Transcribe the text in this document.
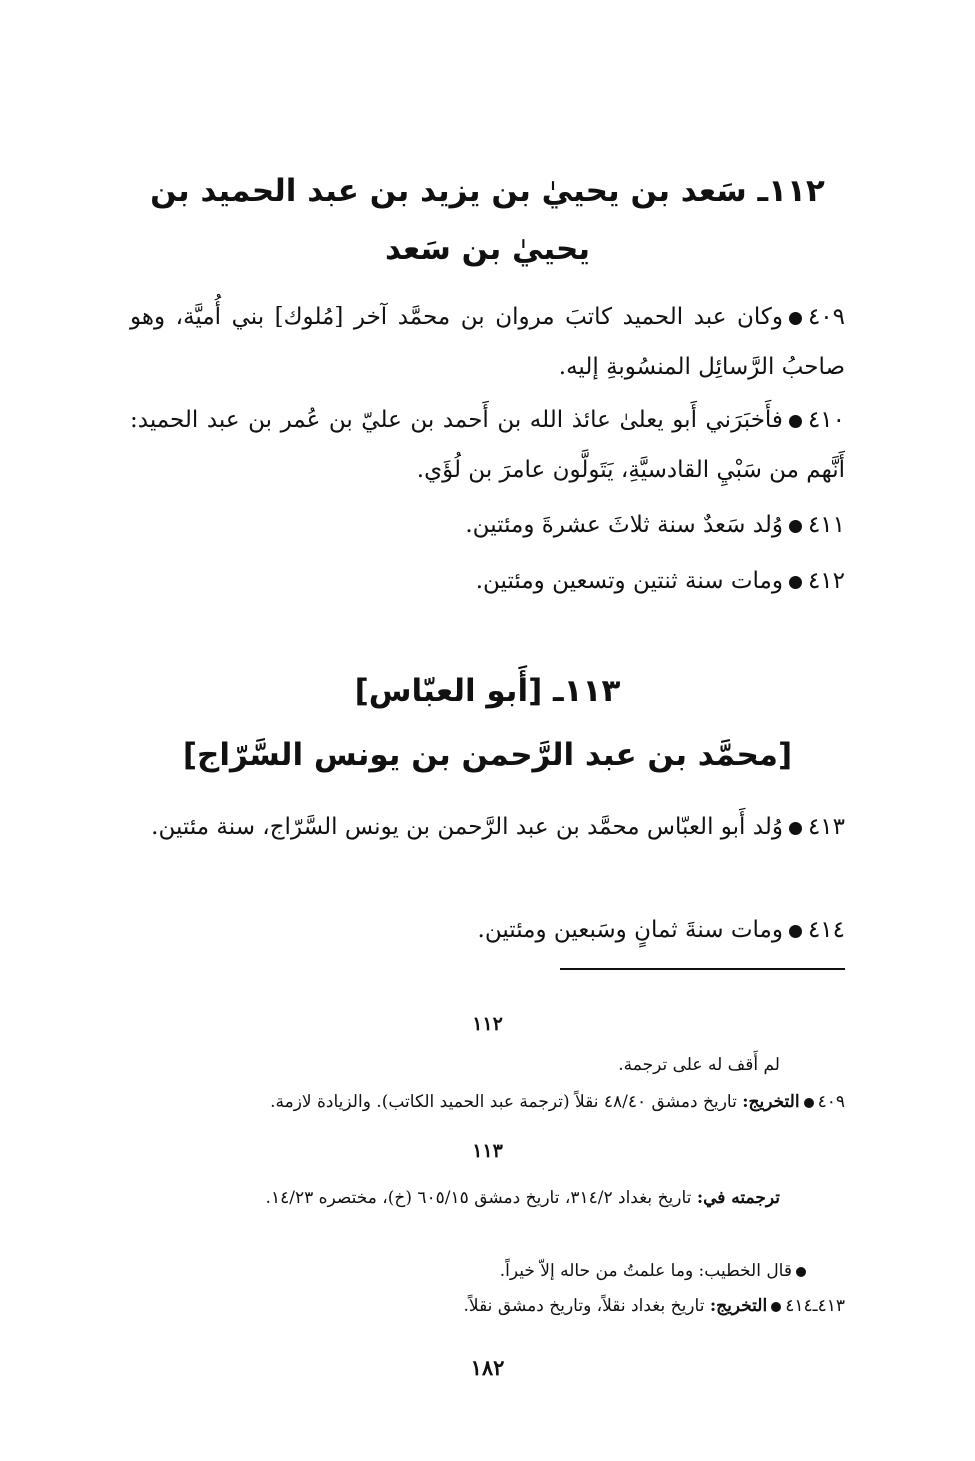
١١٢ـ سَعد بن يحييٰ بن يزيد بن عبد الحميد بن
يحييٰ بن سَعد
٤٠٩وكان عبد الحميد كاتبَ مروان بن محمَّد آخر [مُلوك] بني أُميَّة، وهو صاحبُ الرَّسائِل المنسُوبةِ إليه.
٤١٠فأَخبَرَني أَبو يعلىٰ عائذ الله بن أَحمد بن عليّ بن عُمر بن عبد الحميد: أَنَّهم من سَبْيِ القادسيَّةِ، يَتَولَّون عامرَ بن لُؤَي.
٤١١وُلد سَعدٌ سنة ثلاثَ عشرةَ ومئتين.
٤١٢ومات سنة ثنتين وتسعين ومئتين.
١١٣ـ [أَبو العبّاس]
[محمَّد بن عبد الرَّحمن بن يونس السَّرّاج]
٤١٣وُلد أَبو العبّاس محمَّد بن عبد الرَّحمن بن يونس السَّرّاج، سنة مئتين.
٤١٤ومات سنةَ ثمانٍ وسَبعين ومئتين.
١١٢
لم أَقف له على ترجمة.
٤٠٩التخريج: تاريخ دمشق ٤٨/٤٠ نقلاً (ترجمة عبد الحميد الكاتب). والزيادة لازمة.
١١٣
ترجمته في: تاريخ بغداد ٣١٤/٢، تاريخ دمشق ٦٠٥/١٥ (خ)، مختصره ١٤/٢٣.
قال الخطيب: وما علمتُ من حاله إلاّ خيراً.
٤١٣ـ٤١٤التخريج: تاريخ بغداد نقلاً، وتاريخ دمشق نقلاً.
١٨٢
